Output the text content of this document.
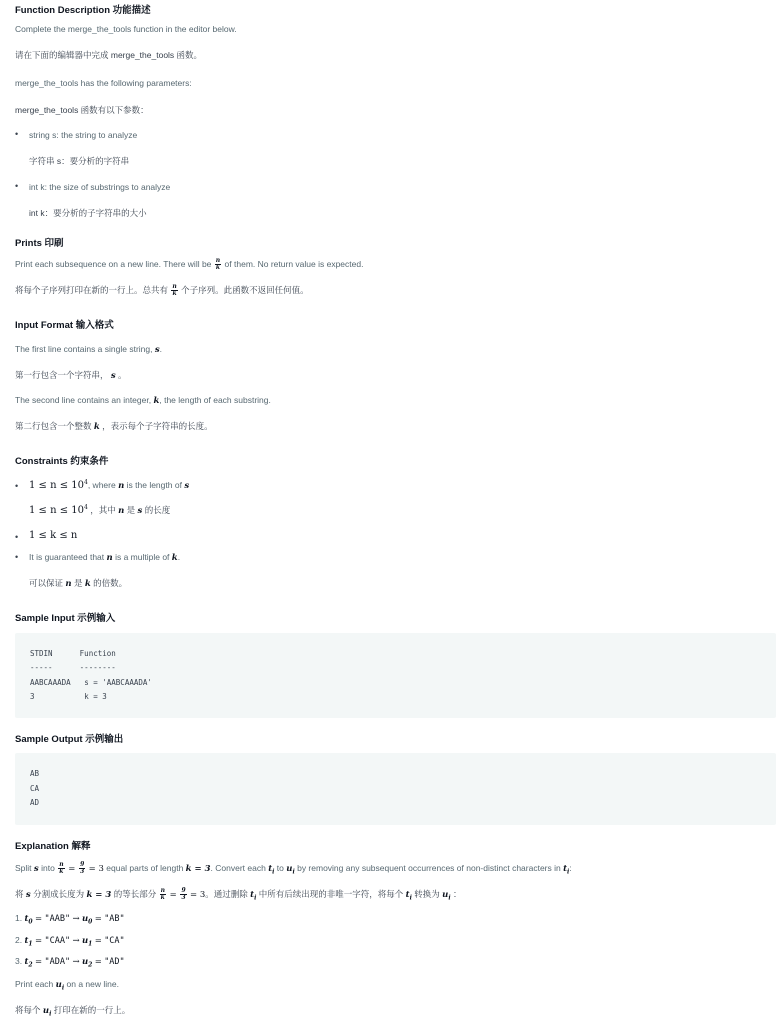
Function Description 功能描述
Complete the merge_the_tools function in the editor below.
请在下面的编辑器中完成 merge_the_tools 函数。
merge_the_tools has the following parameters:
merge_the_tools 函数有以下参数：
• string s: the string to analyze
字符串 s：要分析的字符串
• int k: the size of substrings to analyze
int k：要分析的子字符串的大小
Prints 印刷
Print each subsequence on a new line. There will be $\frac{n}{k}$ of them. No return value is expected.
将每个子序列打印在新的一行上。总共有 $\frac{n}{k}$ 个子序列。此函数不返回任何值。
Input Format 输入格式
The first line contains a single string, s.
第一行包含一个字符串， s 。
The second line contains an integer, k, the length of each substring.
第二行包含一个整数 k ，表示每个子字符串的长度。
Constraints 约束条件
• $1 \le n \le 10^4$, where n is the length of s
$1 \le n \le 10^4$ ，其中 n 是 s 的长度
• 1 ≤ k ≤ n
• It is guaranteed that n is a multiple of k.
可以保证 n 是 k 的倍数。
Sample Input 示例输入
STDIN	Function
-----	--------
AABCAAADA s = 'AABCAAADA'
3	k = 3
Sample Output 示例输出
AB
CA
AD
Explanation 解释
Split s into $\frac{n}{k} = \frac{9}{3} = 3$ equal parts of length k = 3. Convert each $t_i$ to $u_i$ by removing any subsequent occurrences of non-distinct characters in $t_i$:
将 s 分割成长度为 k = 3 的等长部分 $\frac{n}{k} = \frac{9}{3} = 3$。通过删除 $t_i$ 中所有后续出现的非唯一字符，将每个 $t_i$ 转换为 $u_i$ ：
1. $t_0$ = "AAB" → $u_0$ = "AB"
2. $t_1$ = "CAA" → $u_1$ = "CA"
3. $t_2$ = "ADA" → $u_2$ = "AD"
Print each $u_i$ on a new line.
将每个 $u_i$ 打印在新的一行上。
